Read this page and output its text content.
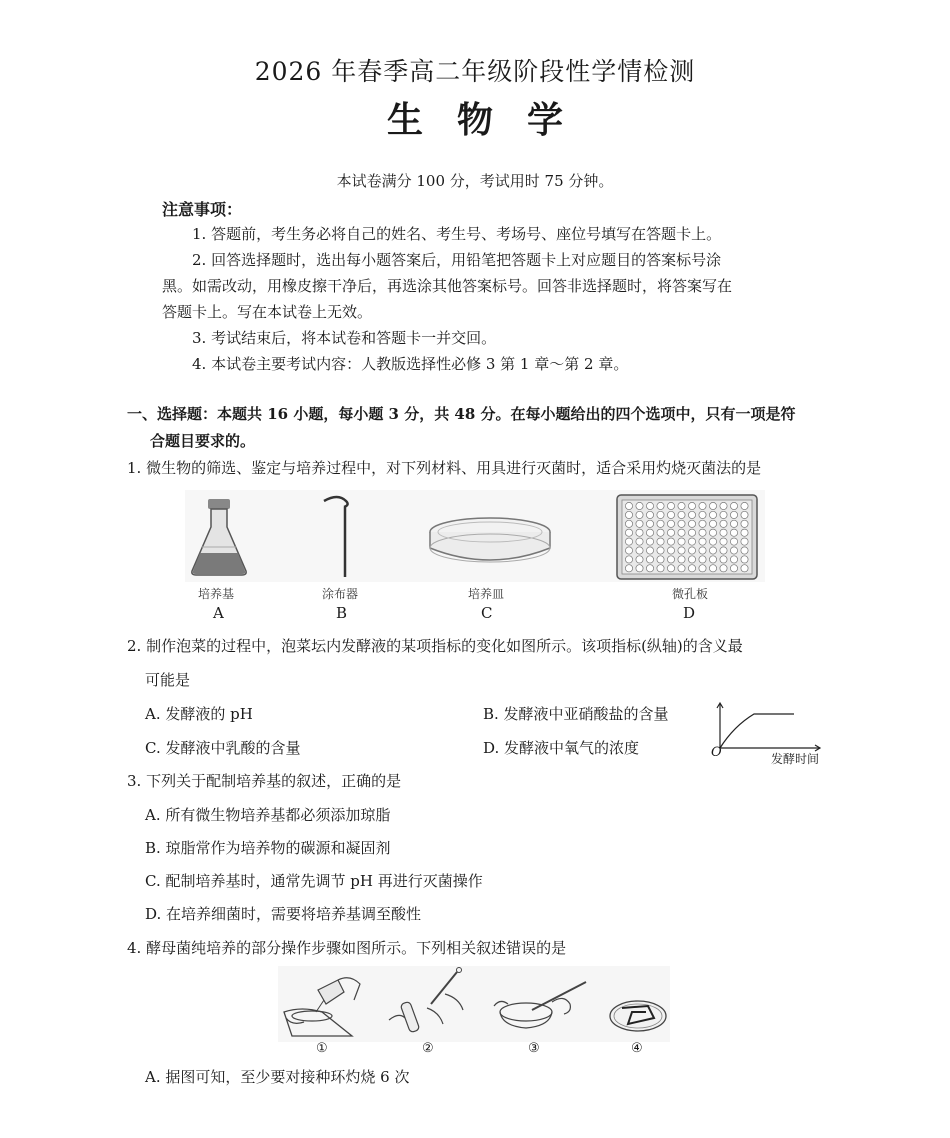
2026 年春季高二年级阶段性学情检测
生物学
本试卷满分 100 分，考试用时 75 分钟。
注意事项：
1. 答题前，考生务必将自己的姓名、考生号、考场号、座位号填写在答题卡上。
2. 回答选择题时，选出每小题答案后，用铅笔把答题卡上对应题目的答案标号涂
黑。如需改动，用橡皮擦干净后，再选涂其他答案标号。回答非选择题时，将答案写在
答题卡上。写在本试卷上无效。
3. 考试结束后，将本试卷和答题卡一并交回。
4. 本试卷主要考试内容：人教版选择性必修 3 第 1 章～第 2 章。
一、选择题：本题共 16 小题，每小题 3 分，共 48 分。在每小题给出的四个选项中，只有一项是符
合题目要求的。
1. 微生物的筛选、鉴定与培养过程中，对下列材料、用具进行灭菌时，适合采用灼烧灭菌法的是
培养基	涂布器	培养皿	微孔板
A	B	C	D
2. 制作泡菜的过程中，泡菜坛内发酵液的某项指标的变化如图所示。该项指标(纵轴)的含义最
可能是
A. 发酵液的 pH	B. 发酵液中亚硝酸盐的含量
C. 发酵液中乳酸的含量	D. 发酵液中氧气的浓度	O	发酵时间
3. 下列关于配制培养基的叙述，正确的是
A. 所有微生物培养基都必须添加琼脂
B. 琼脂常作为培养物的碳源和凝固剂
C. 配制培养基时，通常先调节 pH 再进行灭菌操作
D. 在培养细菌时，需要将培养基调至酸性
4. 酵母菌纯培养的部分操作步骤如图所示。下列相关叙述错误的是
①	②	③	④
A. 据图可知，至少要对接种环灼烧 6 次
